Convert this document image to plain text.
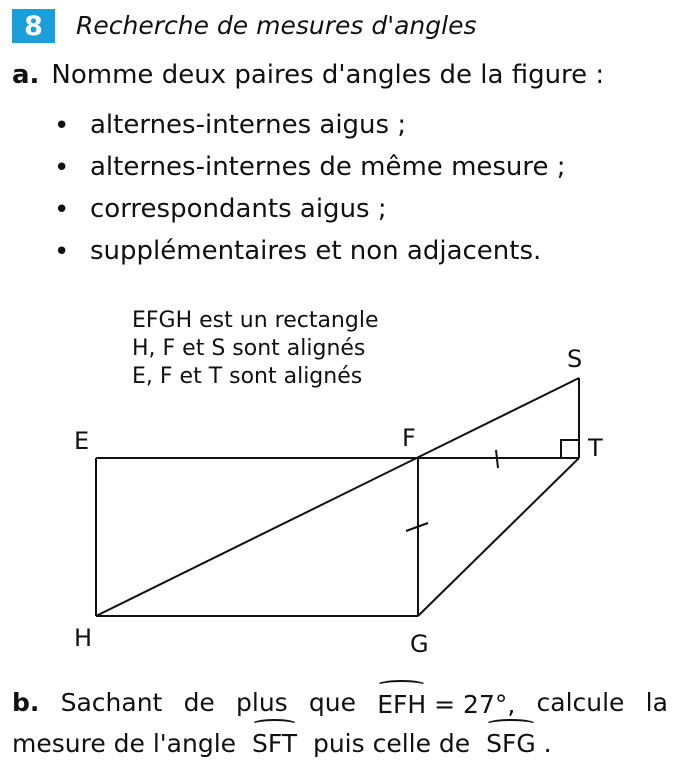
8 Recherche de mesures d'angles
a. Nomme deux paires d'angles de la figure :
• alternes-internes aigus ;
• alternes-internes de même mesure ;
• correspondants aigus ;
• supplémentaires et non adjacents.
EFGH est un rectangle
H, F et S sont alignés
E, F et T sont alignés
E	F
S
T
H	G
b. Sachant de plus que EFH = 27°, calcule la
mesure de l'angle SFT puis celle de SFG .
